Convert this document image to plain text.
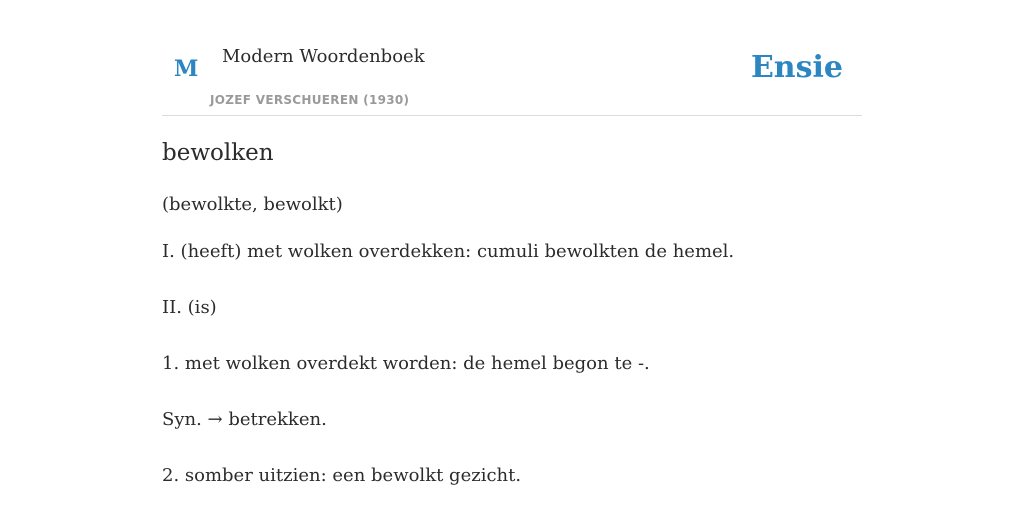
M Modern Woordenboek
JOZEF VERSCHUEREN (1930)
Ensie
bewolken
(bewolkte, bewolkt)
I. (heeft) met wolken overdekken: cumuli bewolkten de hemel.
II. (is)
1. met wolken overdekt worden: de hemel begon te -.
Syn. → betrekken.
2. somber uitzien: een bewolkt gezicht.
